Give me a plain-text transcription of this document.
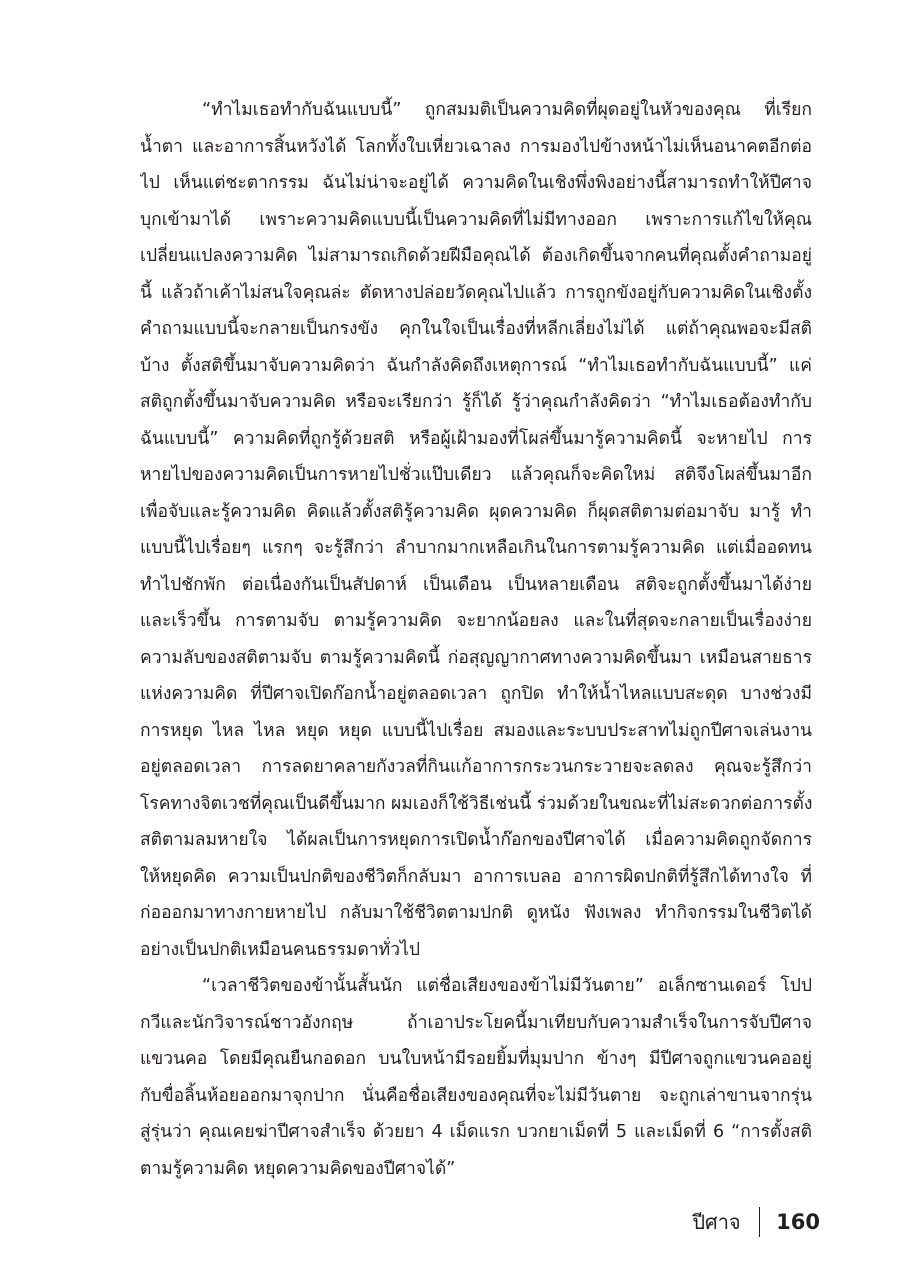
“ทำไมเธอทำกับฉันแบบนี้” ถูกสมมติเป็นความคิดที่ผุดอยู่ในหัวของคุณ ที่เรียก
น้ำตา และอาการสิ้นหวังได้ โลกทั้งใบเหี่ยวเฉาลง การมองไปข้างหน้าไม่เห็นอนาคตอีกต่อ
ไป เห็นแต่ชะตากรรม ฉันไม่น่าจะอยู่ได้ ความคิดในเชิงพึ่งพิงอย่างนี้สามารถทำให้ปีศาจ
บุกเข้ามาได้ เพราะความคิดแบบนี้เป็นความคิดที่ไม่มีทางออก เพราะการแก้ไขให้คุณ
เปลี่ยนแปลงความคิด ไม่สามารถเกิดด้วยฝีมือคุณได้ ต้องเกิดขึ้นจากคนที่คุณตั้งคำถามอยู่
นี้ แล้วถ้าเค้าไม่สนใจคุณล่ะ ตัดหางปล่อยวัดคุณไปแล้ว การถูกขังอยู่กับความคิดในเชิงตั้ง
คำถามแบบนี้จะกลายเป็นกรงขัง คุกในใจเป็นเรื่องที่หลีกเลี่ยงไม่ได้ แต่ถ้าคุณพอจะมีสติ
บ้าง ตั้งสติขึ้นมาจับความคิดว่า ฉันกำลังคิดถึงเหตุการณ์ “ทำไมเธอทำกับฉันแบบนี้” แค่
สติถูกตั้งขึ้นมาจับความคิด หรือจะเรียกว่า รู้ก็ได้ รู้ว่าคุณกำลังคิดว่า “ทำไมเธอต้องทำกับ
ฉันแบบนี้” ความคิดที่ถูกรู้ด้วยสติ หรือผู้เฝ้ามองที่โผล่ขึ้นมารู้ความคิดนี้ จะหายไป การ
หายไปของความคิดเป็นการหายไปชั่วแป๊บเดียว แล้วคุณก็จะคิดใหม่ สติจึงโผล่ขึ้นมาอีก
เพื่อจับและรู้ความคิด คิดแล้วตั้งสติรู้ความคิด ผุดความคิด ก็ผุดสติตามต่อมาจับ มารู้ ทำ
แบบนี้ไปเรื่อยๆ แรกๆ จะรู้สึกว่า ลำบากมากเหลือเกินในการตามรู้ความคิด แต่เมื่ออดทน
ทำไปชักพัก ต่อเนื่องกันเป็นสัปดาห์ เป็นเดือน เป็นหลายเดือน สติจะถูกตั้งขึ้นมาได้ง่าย
และเร็วขึ้น การตามจับ ตามรู้ความคิด จะยากน้อยลง และในที่สุดจะกลายเป็นเรื่องง่าย
ความลับของสติตามจับ ตามรู้ความคิดนี้ ก่อสุญญากาศทางความคิดขึ้นมา เหมือนสายธาร
แห่งความคิด ที่ปีศาจเปิดก๊อกน้ำอยู่ตลอดเวลา ถูกปิด ทำให้น้ำไหลแบบสะดุด บางช่วงมี
การหยุด ไหล ไหล หยุด หยุด แบบนี้ไปเรื่อย สมองและระบบประสาทไม่ถูกปีศาจเล่นงาน
อยู่ตลอดเวลา การลดยาคลายกังวลที่กินแก้อาการกระวนกระวายจะลดลง คุณจะรู้สึกว่า
โรคทางจิตเวชที่คุณเป็นดีขึ้นมาก ผมเองก็ใช้วิธีเช่นนี้ ร่วมด้วยในขณะที่ไม่สะดวกต่อการตั้ง
สติตามลมหายใจ ได้ผลเป็นการหยุดการเปิดน้ำก๊อกของปีศาจได้ เมื่อความคิดถูกจัดการ
ให้หยุดคิด ความเป็นปกติของชีวิตก็กลับมา อาการเบลอ อาการผิดปกติที่รู้สึกได้ทางใจ ที่
ก่อออกมาทางกายหายไป กลับมาใช้ชีวิตตามปกติ ดูหนัง ฟังเพลง ทำกิจกรรมในชีวิตได้
อย่างเป็นปกติเหมือนคนธรรมดาทั่วไป
“เวลาชีวิตของข้านั้นสั้นนัก แต่ชื่อเสียงของข้าไม่มีวันตาย” อเล็กซานเดอร์ โปป
กวีและนักวิจารณ์ชาวอังกฤษ ถ้าเอาประโยคนี้มาเทียบกับความสำเร็จในการจับปีศาจ
แขวนคอ โดยมีคุณยืนกอดอก บนใบหน้ามีรอยยิ้มที่มุมปาก ข้างๆ มีปีศาจถูกแขวนคออยู่
กับขื่อลิ้นห้อยออกมาจุกปาก นั่นคือชื่อเสียงของคุณที่จะไม่มีวันตาย จะถูกเล่าขานจากรุ่น
สู่รุ่นว่า คุณเคยฆ่าปีศาจสำเร็จ ด้วยยา 4 เม็ดแรก บวกยาเม็ดที่ 5 และเม็ดที่ 6 “การตั้งสติ
ตามรู้ความคิด หยุดความคิดของปีศาจได้”
ปีศาจ 160
